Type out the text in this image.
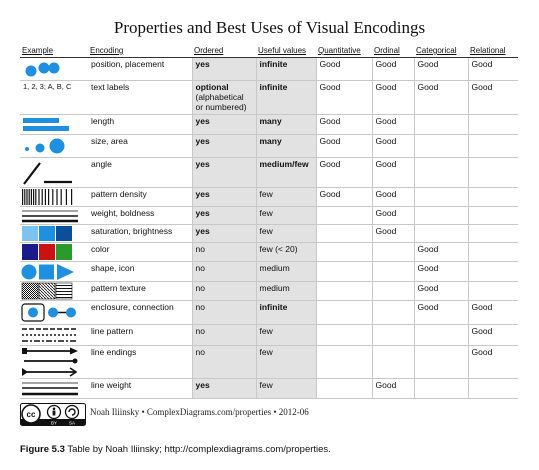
Properties and Best Uses of Visual Encodings
Example	Encoding	Ordered	Useful values	Quantitative	Ordinal	Categorical	Relational

	position, placement	yes	infinite	Good	Good	Good	Good
1, 2, 3; A, B, C	text labels	optional
(alphabetical
or numbered)	infinite	Good	Good	Good	Good

	length	yes	many	Good	Good		

	size, area	yes	many	Good	Good		

	angle	yes	medium/few	Good	Good		

	pattern density	yes	few	Good	Good		

	weight, boldness	yes	few		Good		

	saturation, brightness	yes	few		Good		

	color	no	few (< 20)			Good	

	shape, icon	no	medium			Good	

	pattern texture	no	medium			Good	

	enclosure, connection	no	infinite			Good	Good

	line pattern	no	few				Good

	line endings	no	few				Good

	line weight	yes	few		Good		
cc
BY	SA
Noah Iliinsky • ComplexDiagrams.com/properties • 2012-06
Figure 5.3 Table by Noah Iliinsky; http://complexdiagrams.com/properties.
